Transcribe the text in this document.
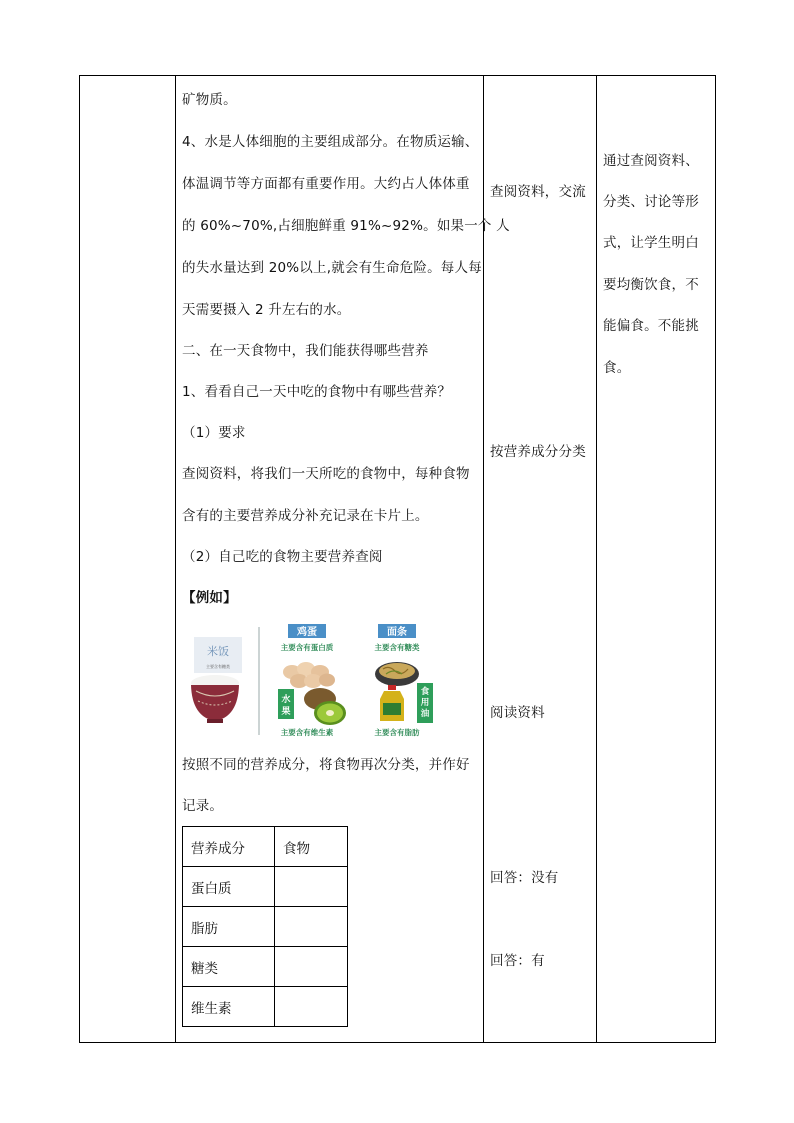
矿物质。
4、水是人体细胞的主要组成部分。在物质运输、
体温调节等方面都有重要作用。大约占人体体重
的 60%~70%,占细胞鲜重 91%~92%。如果一个 人
的失水量达到 20%以上,就会有生命危险。每人每
天需要摄入 2 升左右的水。
二、在一天食物中，我们能获得哪些营养
1、看看自己一天中吃的食物中有哪些营养？
（1）要求
查阅资料，将我们一天所吃的食物中，每种食物
含有的主要营养成分补充记录在卡片上。
（2）自己吃的食物主要营养查阅
【例如】
米饭
主要含有糖类
鸡蛋
主要含有蛋白质
面条
主要含有糖类
水
果
主要含有维生素
食
用
油
主要含有脂肪
按照不同的营养成分，将食物再次分类，并作好
记录。
营养成分	食物
蛋白质	
脂肪	
糖类	
维生素	
查阅资料，交流
按营养成分分类
阅读资料
回答：没有
回答：有
通过查阅资料、
分类、讨论等形
式，让学生明白
要均衡饮食，不
能偏食。不能挑
食。
